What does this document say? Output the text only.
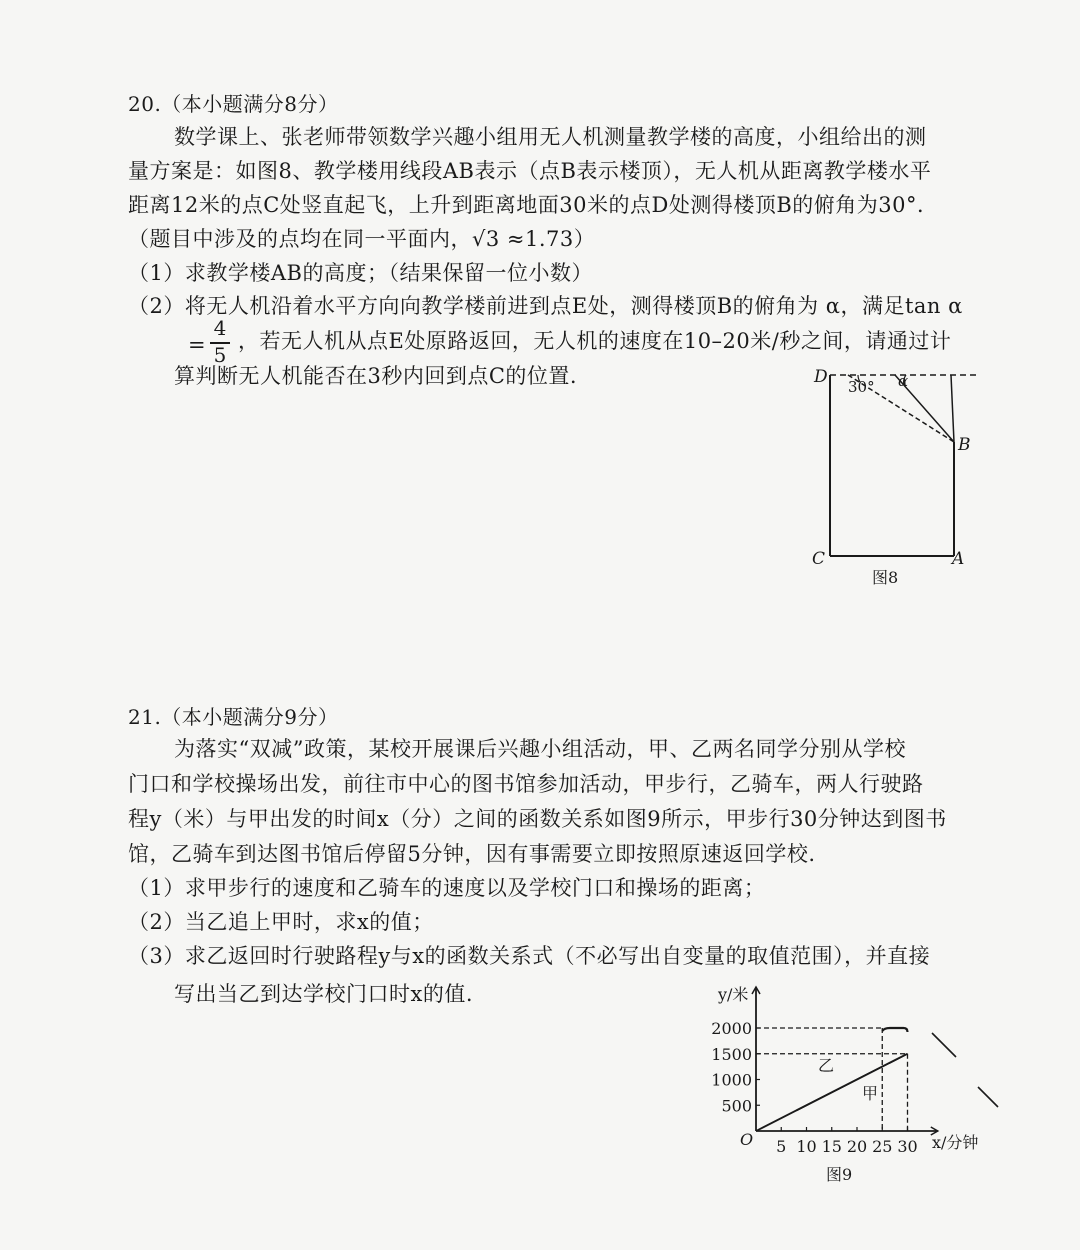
20.（本小题满分8分）
数学课上、张老师带领数学兴趣小组用无人机测量教学楼的高度，小组给出的测
量方案是：如图8、教学楼用线段AB表示（点B表示楼顶），无人机从距离教学楼水平
距离12米的点C处竖直起飞，上升到距离地面30米的点D处测得楼顶B的俯角为30°．
（题目中涉及的点均在同一平面内，√3 ≈1.73）
（1）求教学楼AB的高度；（结果保留一位小数）
（2）将无人机沿着水平方向向教学楼前进到点E处，测得楼顶B的俯角为 α，满足tan α
=
4
5
，若无人机从点E处原路返回，无人机的速度在10–20米/秒之间，请通过计
算判断无人机能否在3秒内回到点C的位置.	D
B
C	A
30° α
图8
21.（本小题满分9分）
为落实“双减”政策，某校开展课后兴趣小组活动，甲、乙两名同学分别从学校
门口和学校操场出发，前往市中心的图书馆参加活动，甲步行，乙骑车，两人行驶路
程y（米）与甲出发的时间x（分）之间的函数关系如图9所示，甲步行30分钟达到图书
馆，乙骑车到达图书馆后停留5分钟，因有事需要立即按照原速返回学校.
（1）求甲步行的速度和乙骑车的速度以及学校门口和操场的距离；
（2）当乙追上甲时，求x的值；
（3）求乙返回时行驶路程y与x的函数关系式（不必写出自变量的取值范围），并直接
写出当乙到达学校门口时x的值.	y/米
x/分钟
O
图9
乙
甲
5 10 15 20 25 30
500
1000
1500
2000
